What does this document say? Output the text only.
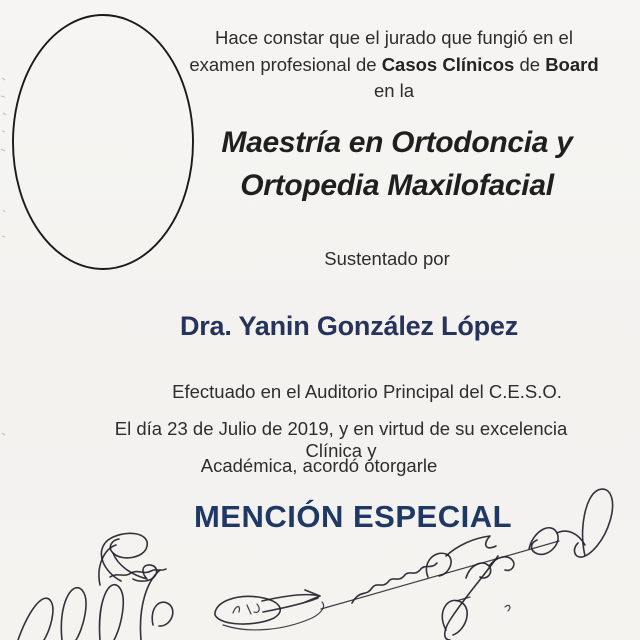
Hace constar que el jurado que fungió en el
examen profesional de Casos Clínicos de Board
en la
Maestría en Ortodoncia y
Ortopedia Maxilofacial
Sustentado por
Dra. Yanin González López
Efectuado en el Auditorio Principal del C.E.S.O.
El día 23 de Julio de 2019, y en virtud de su excelencia Clínica y
Académica, acordó otorgarle
MENCIÓN ESPECIAL
